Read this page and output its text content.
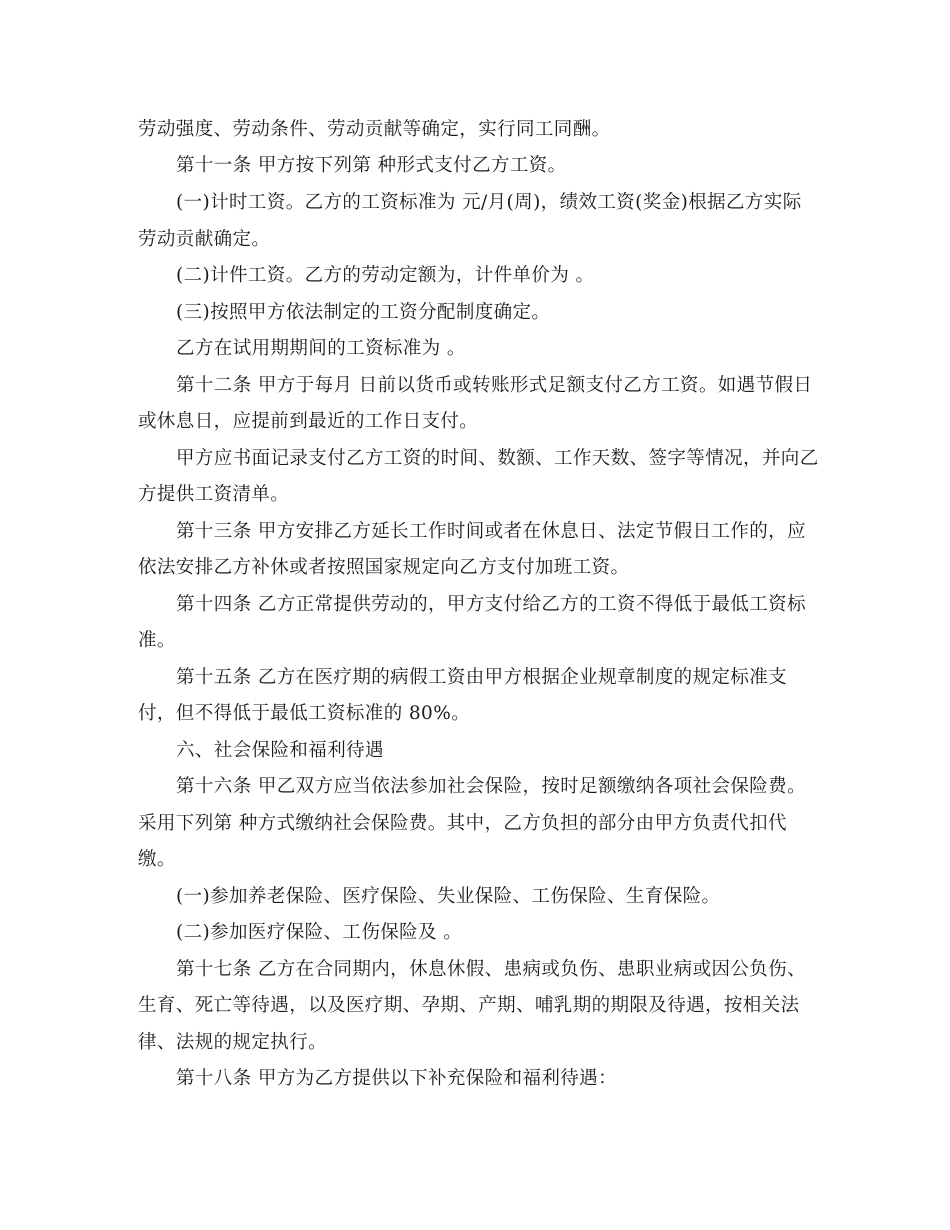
劳动强度、劳动条件、劳动贡献等确定，实行同工同酬。
第十一条 甲方按下列第 种形式支付乙方工资。
(一)计时工资。乙方的工资标准为 元/月(周)，绩效工资(奖金)根据乙方实际
劳动贡献确定。
(二)计件工资。乙方的劳动定额为，计件单价为 。
(三)按照甲方依法制定的工资分配制度确定。
乙方在试用期期间的工资标准为 。
第十二条 甲方于每月 日前以货币或转账形式足额支付乙方工资。如遇节假日
或休息日，应提前到最近的工作日支付。
甲方应书面记录支付乙方工资的时间、数额、工作天数、签字等情况，并向乙
方提供工资清单。
第十三条 甲方安排乙方延长工作时间或者在休息日、法定节假日工作的，应
依法安排乙方补休或者按照国家规定向乙方支付加班工资。
第十四条 乙方正常提供劳动的，甲方支付给乙方的工资不得低于最低工资标
准。
第十五条 乙方在医疗期的病假工资由甲方根据企业规章制度的规定标准支
付，但不得低于最低工资标准的 80%。
六、社会保险和福利待遇
第十六条 甲乙双方应当依法参加社会保险，按时足额缴纳各项社会保险费。
采用下列第 种方式缴纳社会保险费。其中，乙方负担的部分由甲方负责代扣代
缴。
(一)参加养老保险、医疗保险、失业保险、工伤保险、生育保险。
(二)参加医疗保险、工伤保险及 。
第十七条 乙方在合同期内，休息休假、患病或负伤、患职业病或因公负伤、
生育、死亡等待遇，以及医疗期、孕期、产期、哺乳期的期限及待遇，按相关法
律、法规的规定执行。
第十八条 甲方为乙方提供以下补充保险和福利待遇：
